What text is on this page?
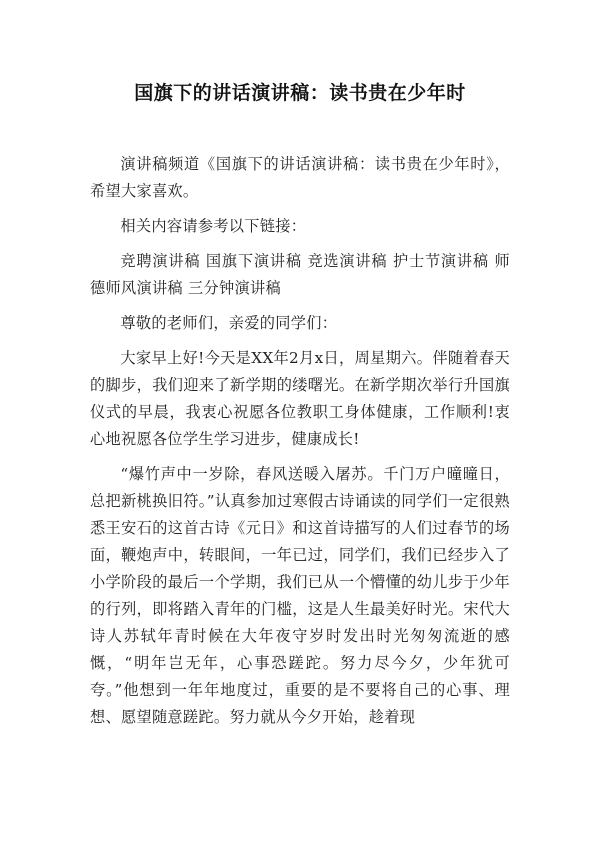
国旗下的讲话演讲稿：读书贵在少年时

演讲稿频道《国旗下的讲话演讲稿：读书贵在少年时》，希望大家喜欢。

相关内容请参考以下链接：

竞聘演讲稿 国旗下演讲稿 竞选演讲稿 护士节演讲稿 师德师风演讲稿 三分钟演讲稿

尊敬的老师们，亲爱的同学们：

大家早上好!今天是XX年2月x日，周星期六。伴随着春天的脚步，我们迎来了新学期的缕曙光。在新学期次举行升国旗仪式的早晨，我衷心祝愿各位教职工身体健康，工作顺利!衷心地祝愿各位学生学习进步，健康成长!

“爆竹声中一岁除，春风送暖入屠苏。千门万户曈曈日，总把新桃换旧符。”认真参加过寒假古诗诵读的同学们一定很熟悉王安石的这首古诗《元日》和这首诗描写的人们过春节的场面，鞭炮声中，转眼间，一年已过，同学们，我们已经步入了小学阶段的最后一个学期，我们已从一个懵懂的幼儿步于少年的行列，即将踏入青年的门槛，这是人生最美好时光。宋代大诗人苏轼年青时候在大年夜守岁时发出时光匆匆流逝的感慨，“明年岂无年，心事恐蹉跎。努力尽今夕，少年犹可夸。”他想到一年年地度过，重要的是不要将自己的心事、理想、愿望随意蹉跎。努力就从今夕开始，趁着现
